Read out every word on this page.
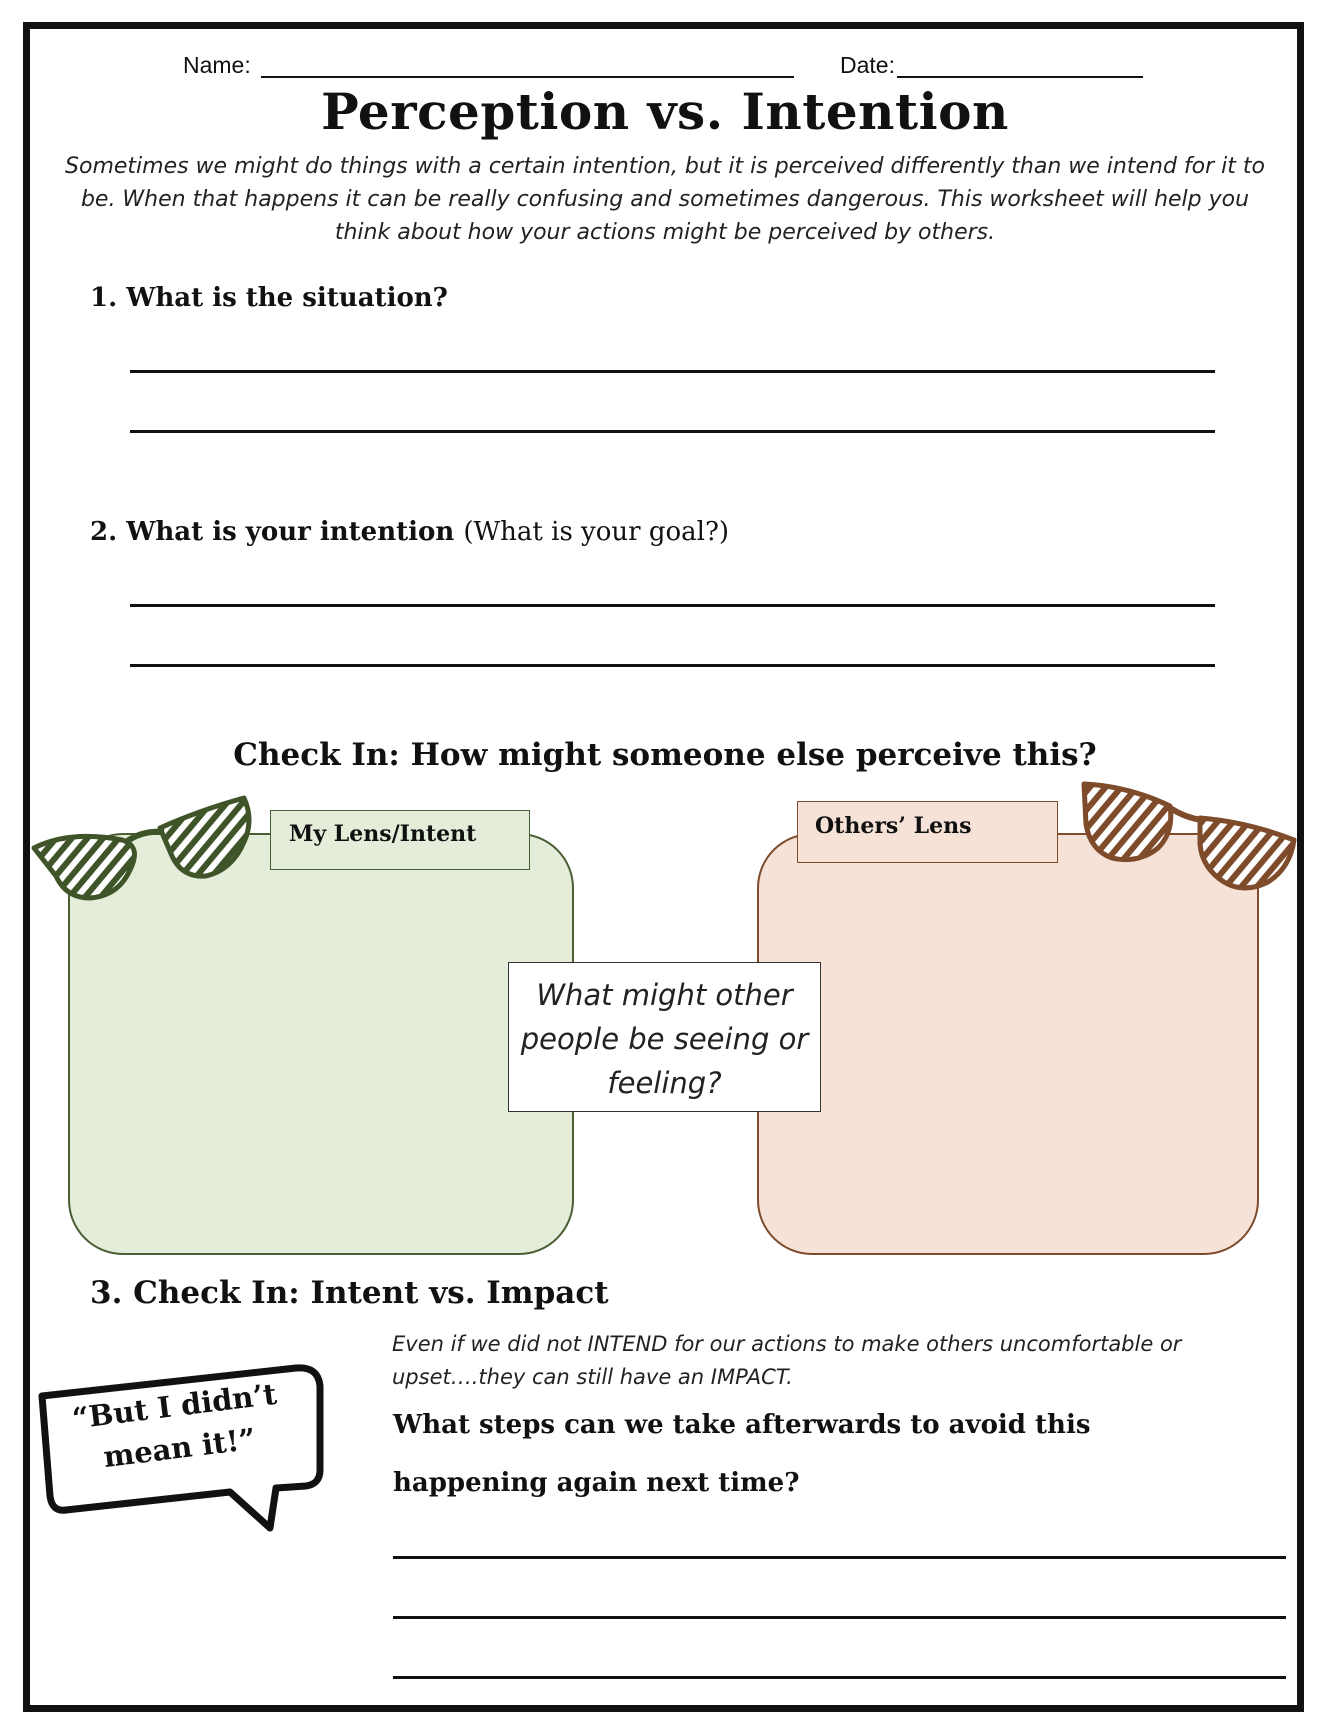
Name:	Date:
Perception vs. Intention
Sometimes we might do things with a certain intention, but it is perceived differently than we intend for it to be. When that happens it can be really confusing and sometimes dangerous. This worksheet will help you think about how your actions might be perceived by others.
1. What is the situation?
2. What is your intention (What is your goal?)
Check In: How might someone else perceive this?
My Lens/Intent	Others’ Lens
What might other people be seeing or feeling?
3. Check In: Intent vs. Impact
Even if we did not INTEND for our actions to make others uncomfortable or upset….they can still have an IMPACT.
What steps can we take afterwards to avoid this
happening again next time?
“But I didn’t mean it!”
